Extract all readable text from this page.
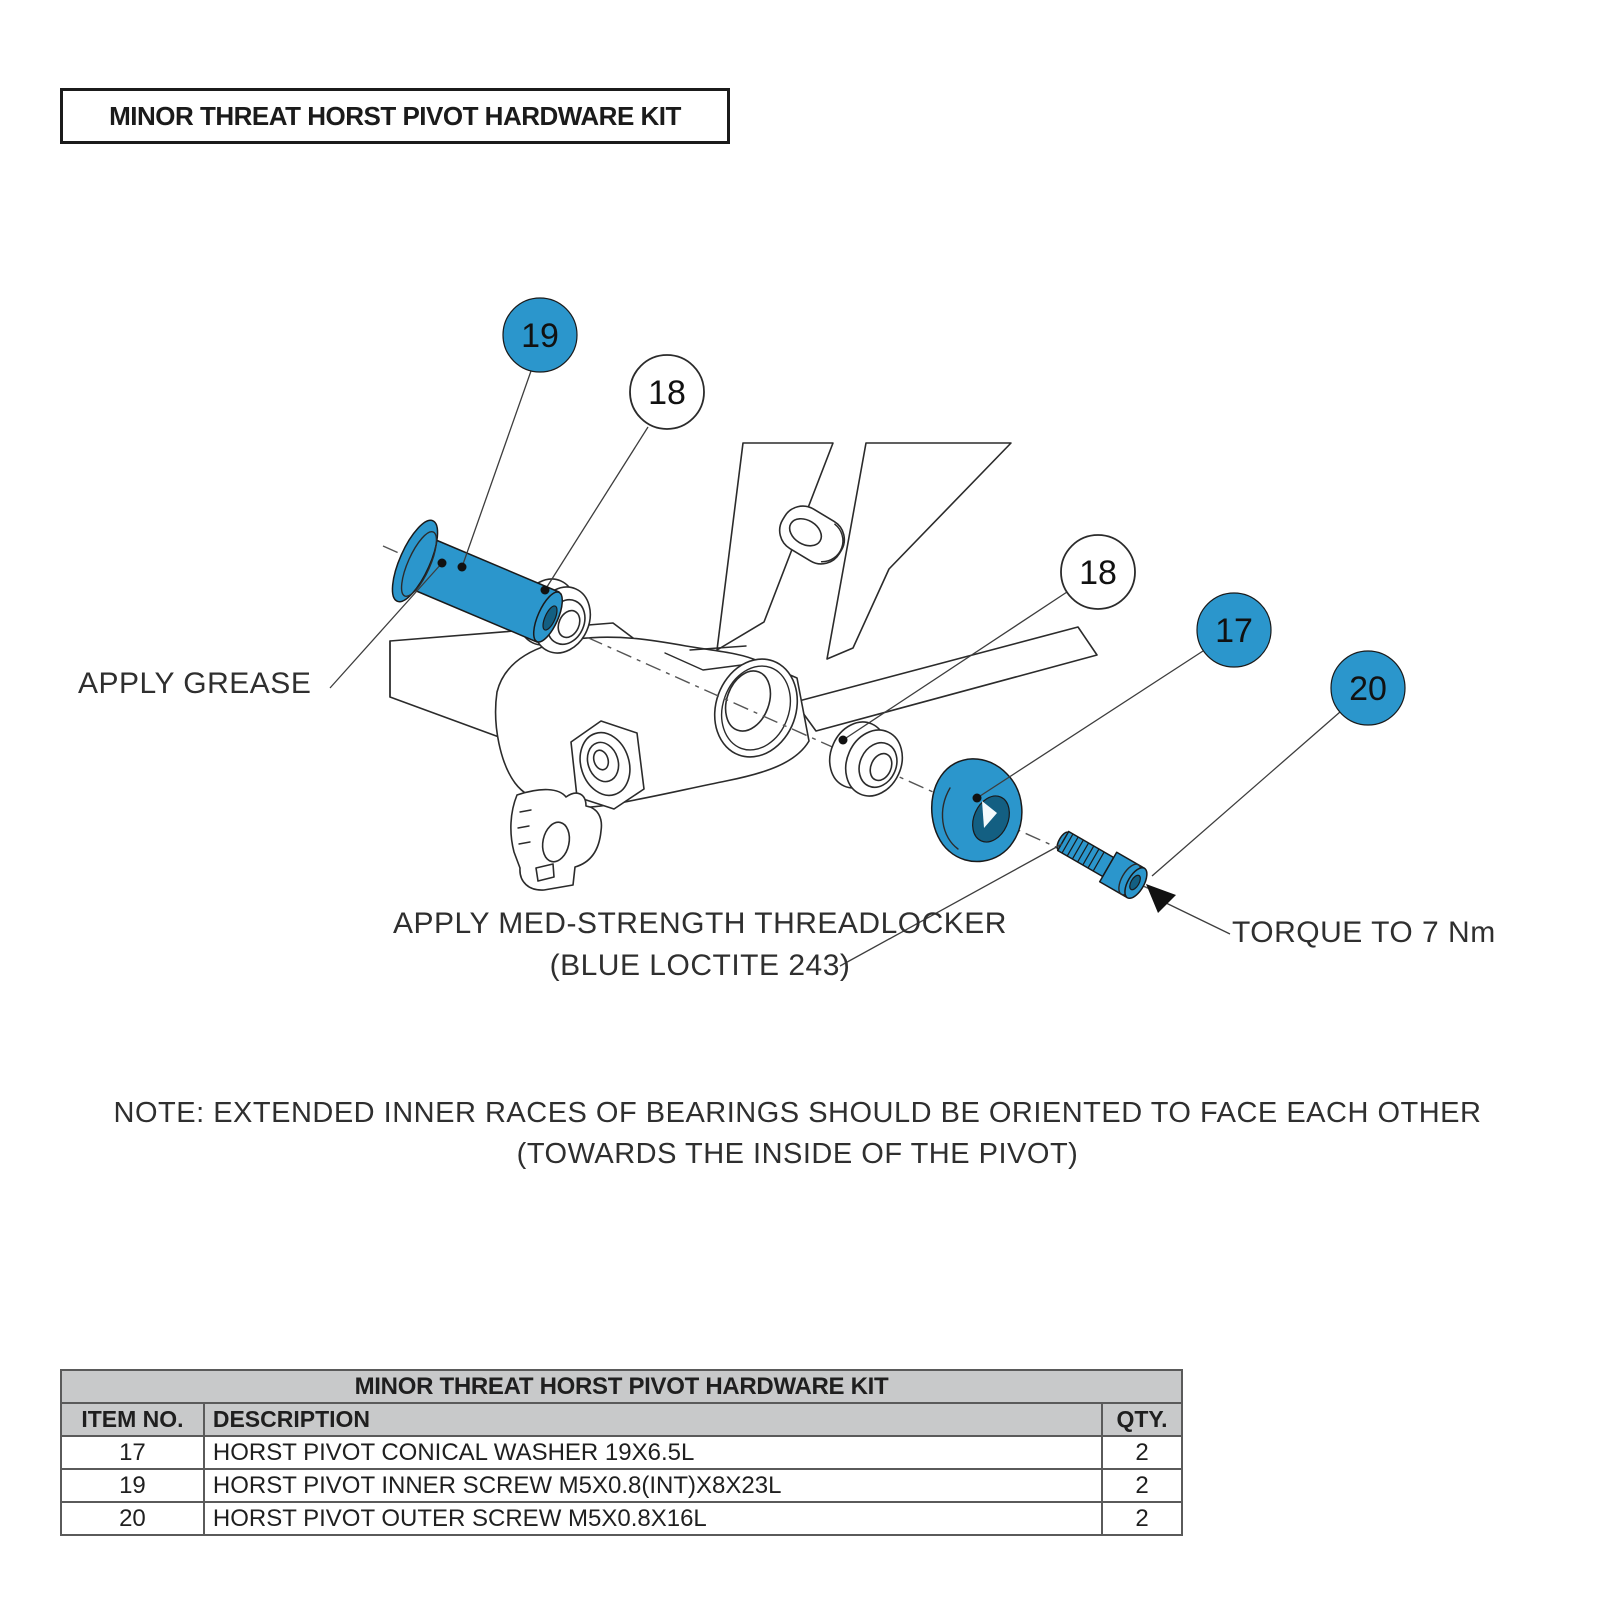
MINOR THREAT HORST PIVOT HARDWARE KIT
19
18
18
17
20
APPLY GREASE
APPLY MED-STRENGTH THREADLOCKER
(BLUE LOCTITE 243)
TORQUE TO 7 Nm
NOTE: EXTENDED INNER RACES OF BEARINGS SHOULD BE ORIENTED TO FACE EACH OTHER
(TOWARDS THE INSIDE OF THE PIVOT)
MINOR THREAT HORST PIVOT HARDWARE KIT		
ITEM NO.	DESCRIPTION	QTY.
17	HORST PIVOT CONICAL WASHER 19X6.5L	2
19	HORST PIVOT INNER SCREW M5X0.8(INT)X8X23L	2
20	HORST PIVOT OUTER SCREW M5X0.8X16L	2
